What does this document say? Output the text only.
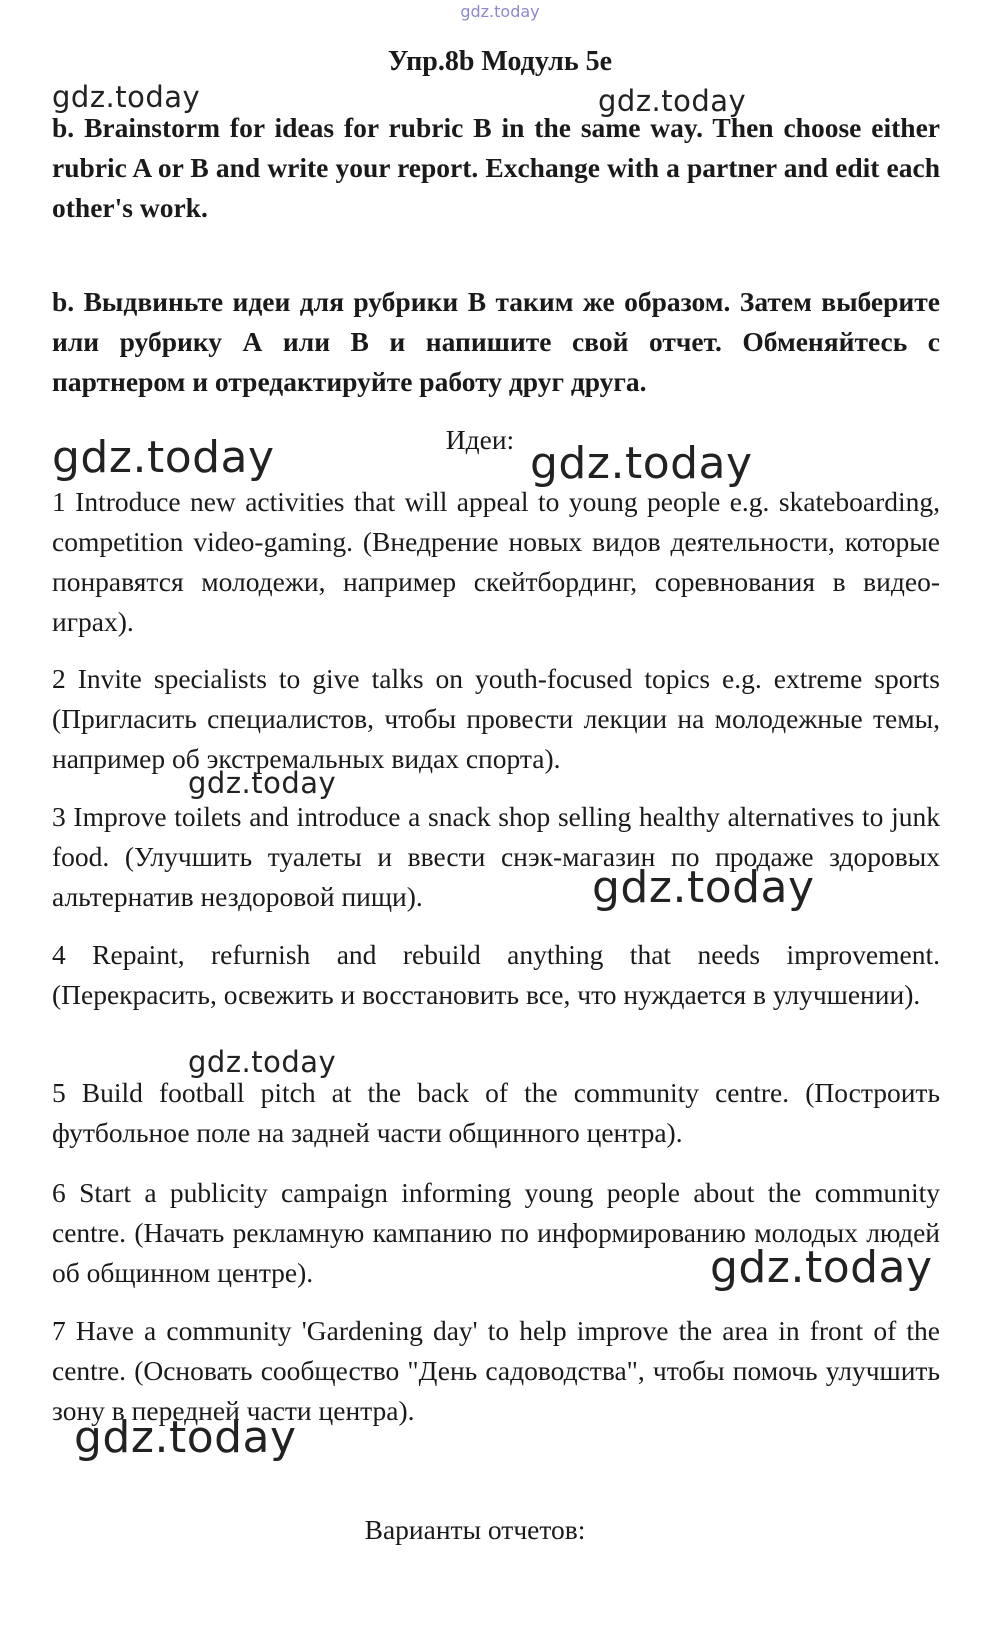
gdz.today
Упр.8b Модуль 5e

b. Brainstorm for ideas for rubric B in the same way. Then choose either rubric A or B and write your report. Exchange with a partner and edit each other's work.

b. Выдвиньте идеи для рубрики B таким же образом. Затем выберите или рубрику А или В и напишите свой отчет. Обменяйтесь с партнером и отредактируйте работу друг друга.

Идеи:

1 Introduce new activities that will appeal to young people e.g. skateboarding, competition video-gaming. (Внедрение новых видов деятельности, которые понравятся молодежи, например скейтбординг, соревнования в видео-играх).

2 Invite specialists to give talks on youth-focused topics e.g. extreme sports (Пригласить специалистов, чтобы провести лекции на молодежные темы, например об экстремальных видах спорта).

3 Improve toilets and introduce a snack shop selling healthy alternatives to junk food. (Улучшить туалеты и ввести снэк-магазин по продаже здоровых альтернатив нездоровой пищи).

4 Repaint, refurnish and rebuild anything that needs improvement. (Перекрасить, освежить и восстановить все, что нуждается в улучшении).

5 Build football pitch at the back of the community centre. (Построить футбольное поле на задней части общинного центра).

6 Start a publicity campaign informing young people about the community centre. (Начать рекламную кампанию по информированию молодых людей об общинном центре).

7 Have a community 'Gardening day' to help improve the area in front of the centre. (Основать сообщество "День садоводства", чтобы помочь улучшить зону в передней части центра).

Варианты отчетов:
gdz.today	gdz.today
gdz.today	gdz.today
gdz.today
gdz.today
gdz.today
gdz.today
gdz.today
